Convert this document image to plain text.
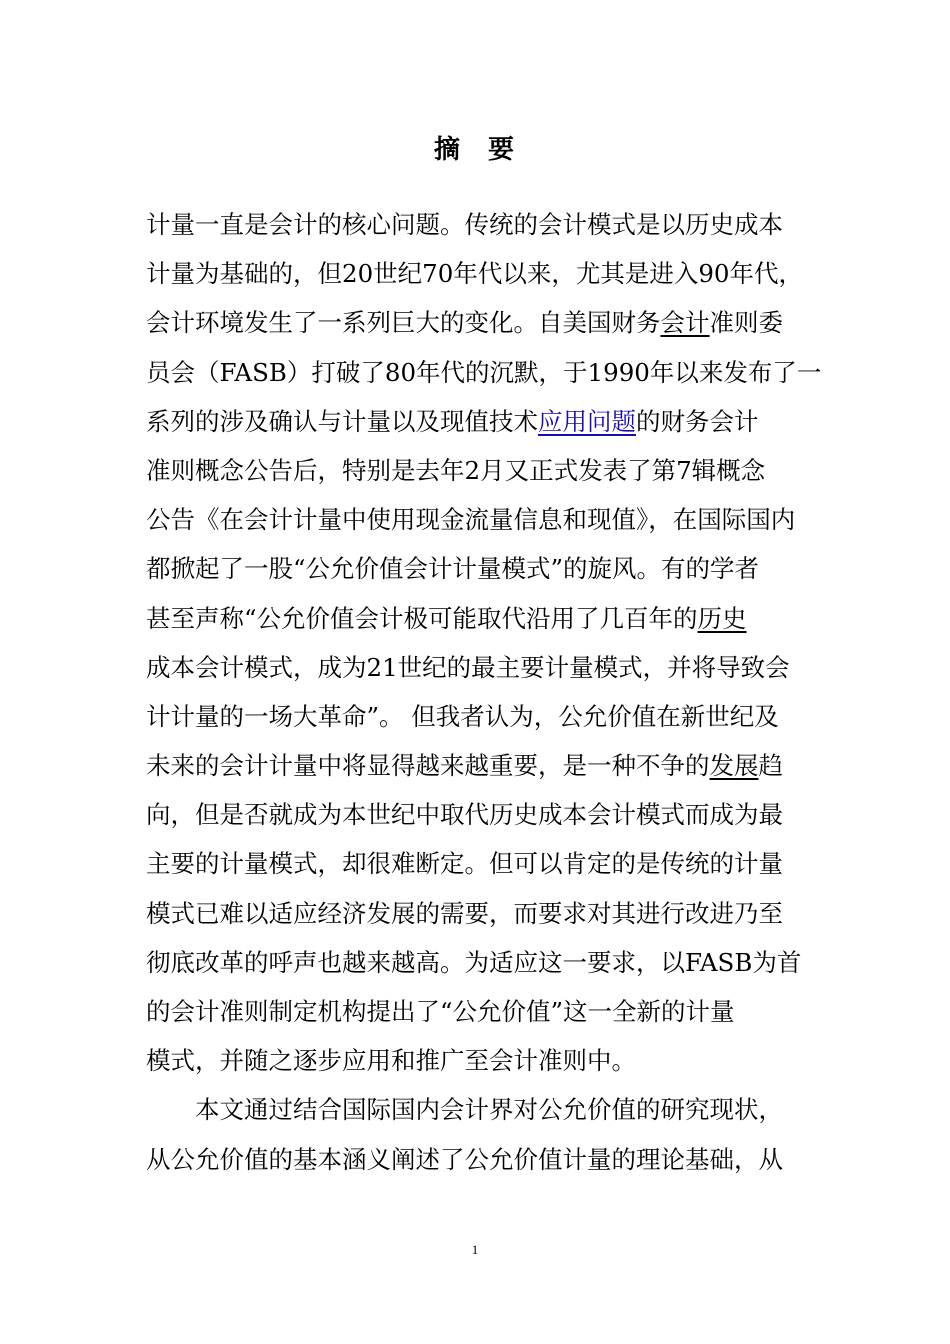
摘 要
计量一直是会计的核心问题。传统的会计模式是以历史成本
计量为基础的，但20世纪70年代以来，尤其是进入90年代，
会计环境发生了一系列巨大的变化。自美国财务会计准则委
员会（FASB）打破了80年代的沉默，于1990年以来发布了一
系列的涉及确认与计量以及现值技术应用问题的财务会计
准则概念公告后，特别是去年2月又正式发表了第7辑概念
公告《在会计计量中使用现金流量信息和现值》，在国际国内
都掀起了一股“公允价值会计计量模式”的旋风。有的学者
甚至声称“公允价值会计极可能取代沿用了几百年的历史
成本会计模式，成为21世纪的最主要计量模式，并将导致会
计计量的一场大革命”。 但我者认为，公允价值在新世纪及
未来的会计计量中将显得越来越重要，是一种不争的发展趋
向，但是否就成为本世纪中取代历史成本会计模式而成为最
主要的计量模式，却很难断定。但可以肯定的是传统的计量
模式已难以适应经济发展的需要，而要求对其进行改进乃至
彻底改革的呼声也越来越高。为适应这一要求，以FASB为首
的会计准则制定机构提出了“公允价值”这一全新的计量
模式，并随之逐步应用和推广至会计准则中。
本文通过结合国际国内会计界对公允价值的研究现状，
从公允价值的基本涵义阐述了公允价值计量的理论基础，从
1
